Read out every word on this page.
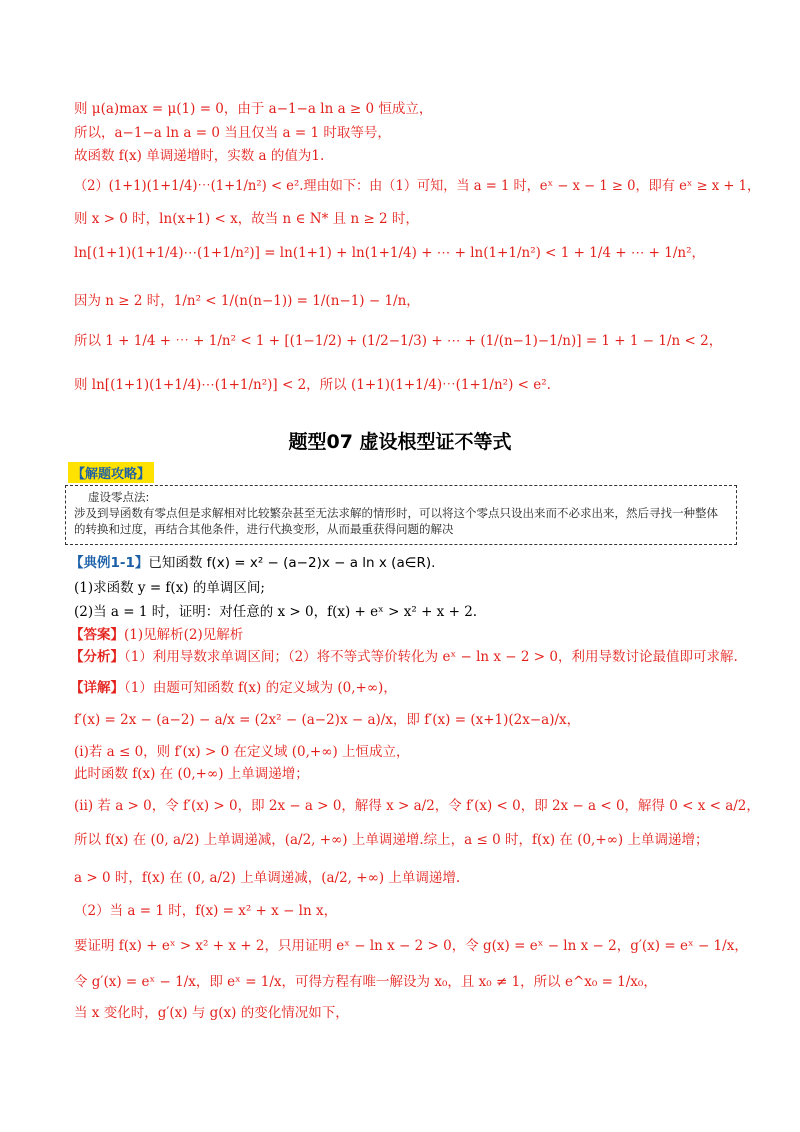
则 μ(a)max = μ(1) = 0，由于 a−1−a ln a ≥ 0 恒成立，
所以，a−1−a ln a = 0 当且仅当 a = 1 时取等号，
故函数 f(x) 单调递增时，实数 a 的值为1.
（2）(1+1)(1+1/4)⋯(1+1/n²) < e².理由如下：由（1）可知，当 a = 1 时，eˣ − x − 1 ≥ 0，即有 eˣ ≥ x + 1，
则 x > 0 时，ln(x+1) < x，故当 n ∈ N* 且 n ≥ 2 时，
ln[(1+1)(1+1/4)⋯(1+1/n²)] = ln(1+1) + ln(1+1/4) + ⋯ + ln(1+1/n²) < 1 + 1/4 + ⋯ + 1/n²，
因为 n ≥ 2 时，1/n² < 1/(n(n−1)) = 1/(n−1) − 1/n，
所以 1 + 1/4 + ⋯ + 1/n² < 1 + [(1−1/2) + (1/2−1/3) + ⋯ + (1/(n−1)−1/n)] = 1 + 1 − 1/n < 2，
则 ln[(1+1)(1+1/4)⋯(1+1/n²)] < 2，所以 (1+1)(1+1/4)⋯(1+1/n²) < e².
题型07 虚设根型证不等式
【解题攻略】
虚设零点法:
涉及到导函数有零点但是求解相对比较繁杂甚至无法求解的情形时，可以将这个零点只设出来而不必求出来，然后寻找一种整体的转换和过度，再结合其他条件，进行代换变形，从而最重获得问题的解决
【典例1-1】已知函数 f(x) = x² − (a−2)x − a ln x (a∈R).
(1)求函数 y = f(x) 的单调区间;
(2)当 a = 1 时，证明：对任意的 x > 0，f(x) + eˣ > x² + x + 2.
【答案】(1)见解析(2)见解析
【分析】（1）利用导数求单调区间；（2）将不等式等价转化为 eˣ − ln x − 2 > 0，利用导数讨论最值即可求解.
【详解】（1）由题可知函数 f(x) 的定义域为 (0,+∞)，
f′(x) = 2x − (a−2) − a/x = (2x² − (a−2)x − a)/x，即 f′(x) = (x+1)(2x−a)/x，
(i)若 a ≤ 0，则 f′(x) > 0 在定义域 (0,+∞) 上恒成立，
此时函数 f(x) 在 (0,+∞) 上单调递增；
(ii) 若 a > 0，令 f′(x) > 0，即 2x − a > 0，解得 x > a/2，令 f′(x) < 0，即 2x − a < 0，解得 0 < x < a/2，
所以 f(x) 在 (0, a/2) 上单调递减，(a/2, +∞) 上单调递增.综上，a ≤ 0 时，f(x) 在 (0,+∞) 上单调递增；
a > 0 时，f(x) 在 (0, a/2) 上单调递减，(a/2, +∞) 上单调递增.
（2）当 a = 1 时，f(x) = x² + x − ln x，
要证明 f(x) + eˣ > x² + x + 2，只用证明 eˣ − ln x − 2 > 0，令 g(x) = eˣ − ln x − 2，g′(x) = eˣ − 1/x，
令 g′(x) = eˣ − 1/x，即 eˣ = 1/x，可得方程有唯一解设为 x₀，且 x₀ ≠ 1，所以 e^x₀ = 1/x₀，
当 x 变化时，g′(x) 与 g(x) 的变化情况如下，
